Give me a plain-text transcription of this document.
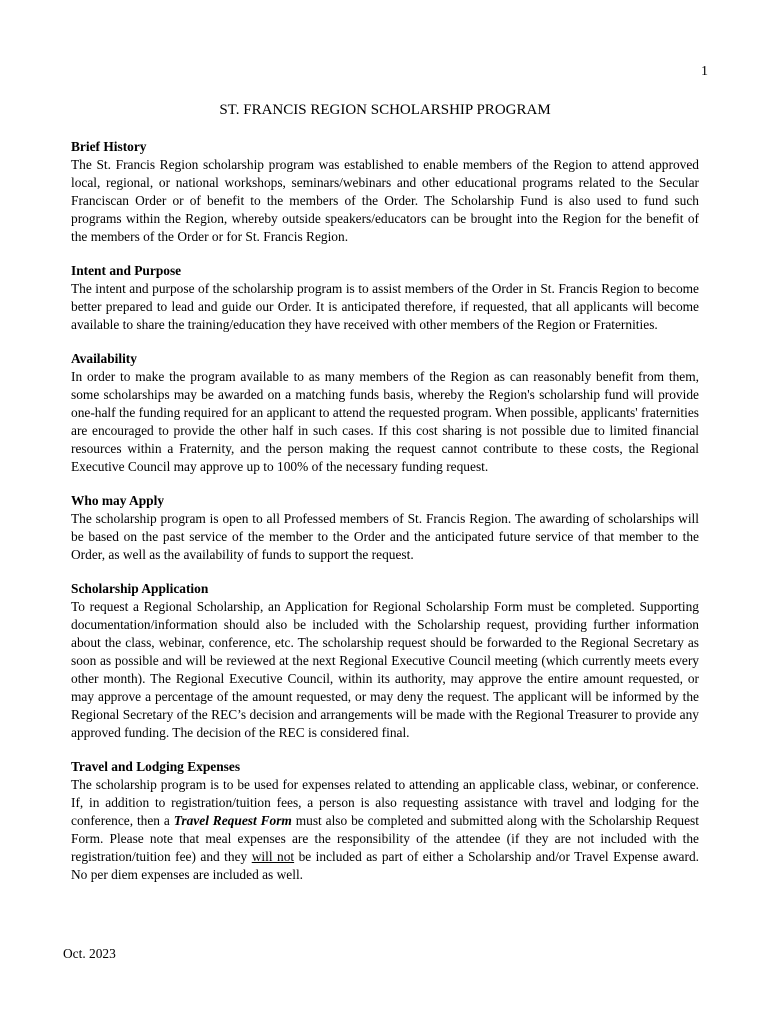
1
ST. FRANCIS REGION SCHOLARSHIP PROGRAM
Brief History

The St. Francis Region scholarship program was established to enable members of the Region to attend approved local, regional, or national workshops, seminars/webinars and other educational programs related to the Secular Franciscan Order or of benefit to the members of the Order. The Scholarship Fund is also used to fund such programs within the Region, whereby outside speakers/educators can be brought into the Region for the benefit of the members of the Order or for St. Francis Region.

Intent and Purpose

The intent and purpose of the scholarship program is to assist members of the Order in St. Francis Region to become better prepared to lead and guide our Order. It is anticipated therefore, if requested, that all applicants will become available to share the training/education they have received with other members of the Region or Fraternities.

Availability

In order to make the program available to as many members of the Region as can reasonably benefit from them, some scholarships may be awarded on a matching funds basis, whereby the Region's scholarship fund will provide one-half the funding required for an applicant to attend the requested program. When possible, applicants' fraternities are encouraged to provide the other half in such cases. If this cost sharing is not possible due to limited financial resources within a Fraternity, and the person making the request cannot contribute to these costs, the Regional Executive Council may approve up to 100% of the necessary funding request.

Who may Apply

The scholarship program is open to all Professed members of St. Francis Region. The awarding of scholarships will be based on the past service of the member to the Order and the anticipated future service of that member to the Order, as well as the availability of funds to support the request.

Scholarship Application

To request a Regional Scholarship, an Application for Regional Scholarship Form must be completed. Supporting documentation/information should also be included with the Scholarship request, providing further information about the class, webinar, conference, etc. The scholarship request should be forwarded to the Regional Secretary as soon as possible and will be reviewed at the next Regional Executive Council meeting (which currently meets every other month). The Regional Executive Council, within its authority, may approve the entire amount requested, or may approve a percentage of the amount requested, or may deny the request. The applicant will be informed by the Regional Secretary of the REC’s decision and arrangements will be made with the Regional Treasurer to provide any approved funding. The decision of the REC is considered final.

Travel and Lodging Expenses

The scholarship program is to be used for expenses related to attending an applicable class, webinar, or conference. If, in addition to registration/tuition fees, a person is also requesting assistance with travel and lodging for the conference, then a Travel Request Form must also be completed and submitted along with the Scholarship Request Form. Please note that meal expenses are the responsibility of the attendee (if they are not included with the registration/tuition fee) and they will not be included as part of either a Scholarship and/or Travel Expense award. No per diem expenses are included as well.

Oct. 2023
